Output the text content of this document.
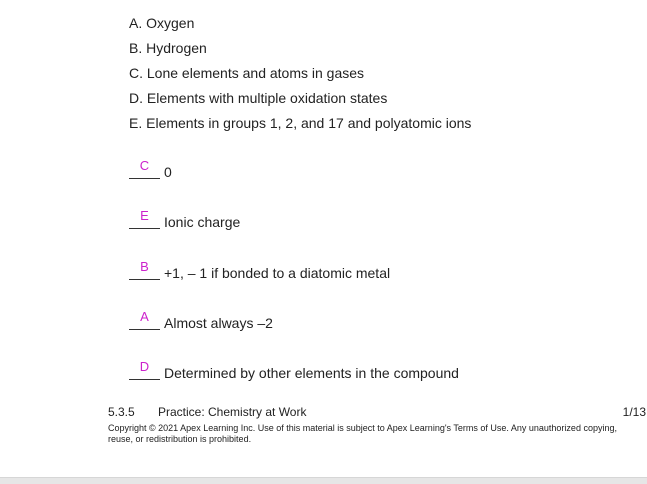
A. Oxygen
B. Hydrogen
C. Lone elements and atoms in gases
D. Elements with multiple oxidation states
E. Elements in groups 1, 2, and 17 and polyatomic ions
C	0
E	Ionic charge
B	+1, – 1 if bonded to a diatomic metal
A	Almost always –2
D	Determined by other elements in the compound
5.3.5 Practice: Chemistry at Work	1/13
Copyright © 2021 Apex Learning Inc. Use of this material is subject to Apex Learning's Terms of Use. Any unauthorized copying, reuse, or redistribution is prohibited.
